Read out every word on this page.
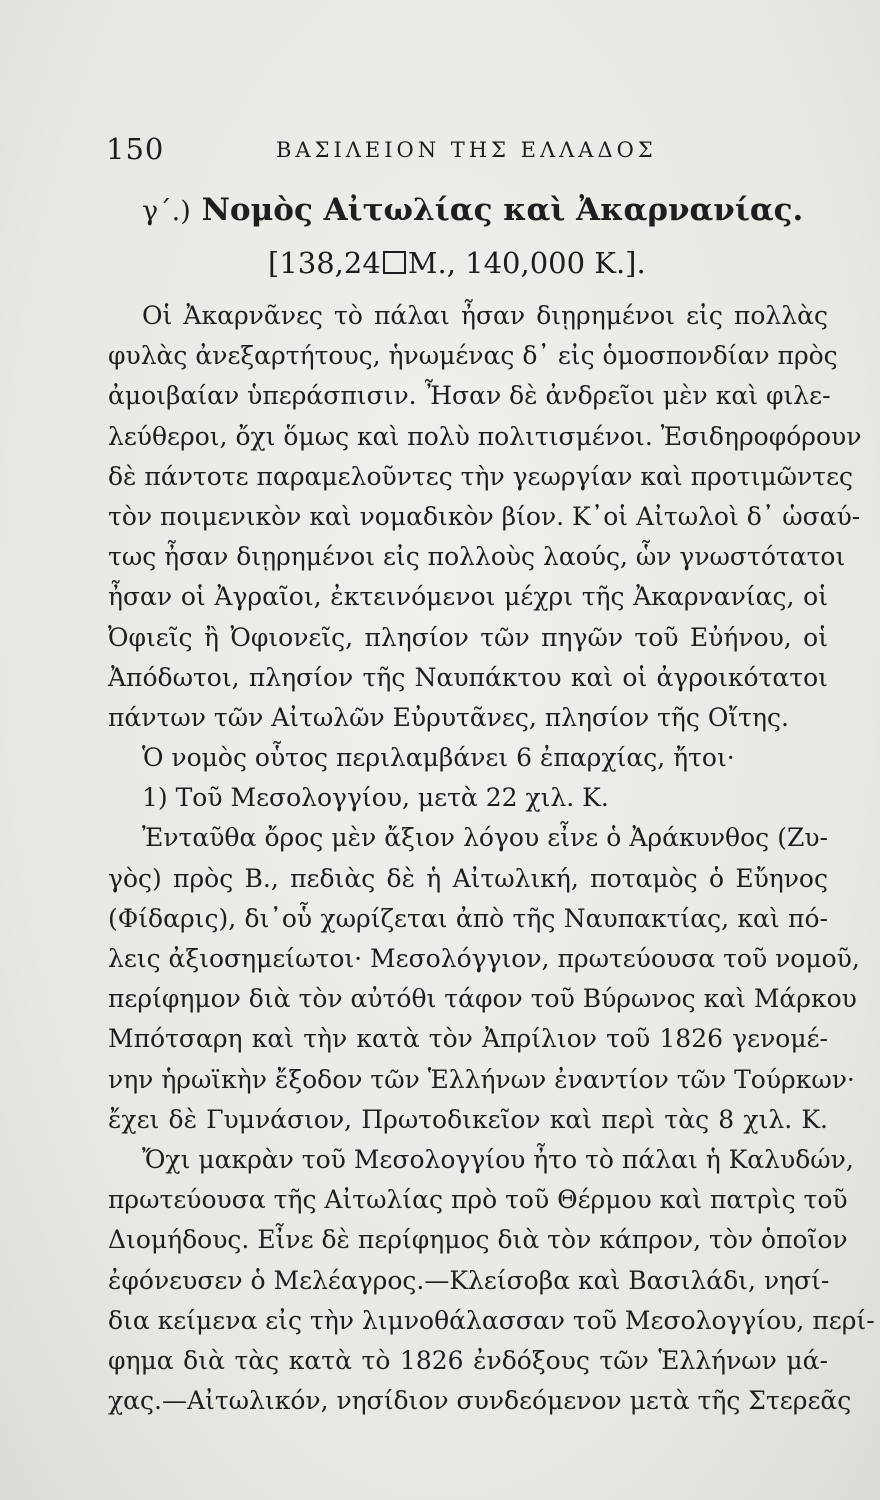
150	ΒΑΣΙΛΕΙΟΝ ΤΗΣ ΕΛΛΑΔΟΣ
γ΄.) Νομὸς Αἰτωλίας καὶ Ἀκαρνανίας.
[138,24 Μ., 140,000 Κ.].
Οἱ Ἀκαρνᾶνες τὸ πάλαι ἦσαν διῃρημένοι εἰς πολλὰς
φυλὰς ἀνεξαρτήτους, ἡνωμένας δ᾽ εἰς ὁμοσπονδίαν πρὸς
ἀμοιβαίαν ὑπεράσπισιν. Ἦσαν δὲ ἀνδρεῖοι μὲν καὶ φιλε-
λεύθεροι, ὄχι ὅμως καὶ πολὺ πολιτισμένοι. Ἐσιδηροφόρουν
δὲ πάντοτε παραμελοῦντες τὴν γεωργίαν καὶ προτιμῶντες
τὸν ποιμενικὸν καὶ νομαδικὸν βίον. Κ᾽οἱ Αἰτωλοὶ δ᾽ ὡσαύ-
τως ἦσαν διῃρημένοι εἰς πολλοὺς λαούς, ὧν γνωστότατοι
ἦσαν οἱ Ἀγραῖοι, ἐκτεινόμενοι μέχρι τῆς Ἀκαρνανίας, οἱ
Ὀφιεῖς ἢ Ὀφιονεῖς, πλησίον τῶν πηγῶν τοῦ Εὐήνου, οἱ
Ἀπόδωτοι, πλησίον τῆς Ναυπάκτου καὶ οἱ ἀγροικότατοι
πάντων τῶν Αἰτωλῶν Εὐρυτᾶνες, πλησίον τῆς Οἴτης.
Ὁ νομὸς οὗτος περιλαμβάνει 6 ἐπαρχίας, ἤτοι·
1) Τοῦ Μεσολογγίου, μετὰ 22 χιλ. Κ.
Ἐνταῦθα ὄρος μὲν ἄξιον λόγου εἶνε ὁ Ἀράκυνθος (Ζυ-
γὸς) πρὸς Β., πεδιὰς δὲ ἡ Αἰτωλική, ποταμὸς ὁ Εὔηνος
(Φίδαρις), δι᾽οὗ χωρίζεται ἀπὸ τῆς Ναυπακτίας, καὶ πό-
λεις ἀξιοσημείωτοι· Μεσολόγγιον, πρωτεύουσα τοῦ νομοῦ,
περίφημον διὰ τὸν αὐτόθι τάφον τοῦ Βύρωνος καὶ Μάρκου
Μπότσαρη καὶ τὴν κατὰ τὸν Ἀπρίλιον τοῦ 1826 γενομέ-
νην ἡρωϊκὴν ἔξοδον τῶν Ἑλλήνων ἐναντίον τῶν Τούρκων·
ἔχει δὲ Γυμνάσιον, Πρωτοδικεῖον καὶ περὶ τὰς 8 χιλ. Κ.
Ὄχι μακρὰν τοῦ Μεσολογγίου ἦτο τὸ πάλαι ἡ Καλυδών,
πρωτεύουσα τῆς Αἰτωλίας πρὸ τοῦ Θέρμου καὶ πατρὶς τοῦ
Διομήδους. Εἶνε δὲ περίφημος διὰ τὸν κάπρον, τὸν ὁποῖον
ἐφόνευσεν ὁ Μελέαγρος.—Κλείσοβα καὶ Βασιλάδι, νησί-
δια κείμενα εἰς τὴν λιμνοθάλασσαν τοῦ Μεσολογγίου, περί-
φημα διὰ τὰς κατὰ τὸ 1826 ἐνδόξους τῶν Ἑλλήνων μά-
χας.—Αἰτωλικόν, νησίδιον συνδεόμενον μετὰ τῆς Στερεᾶς
